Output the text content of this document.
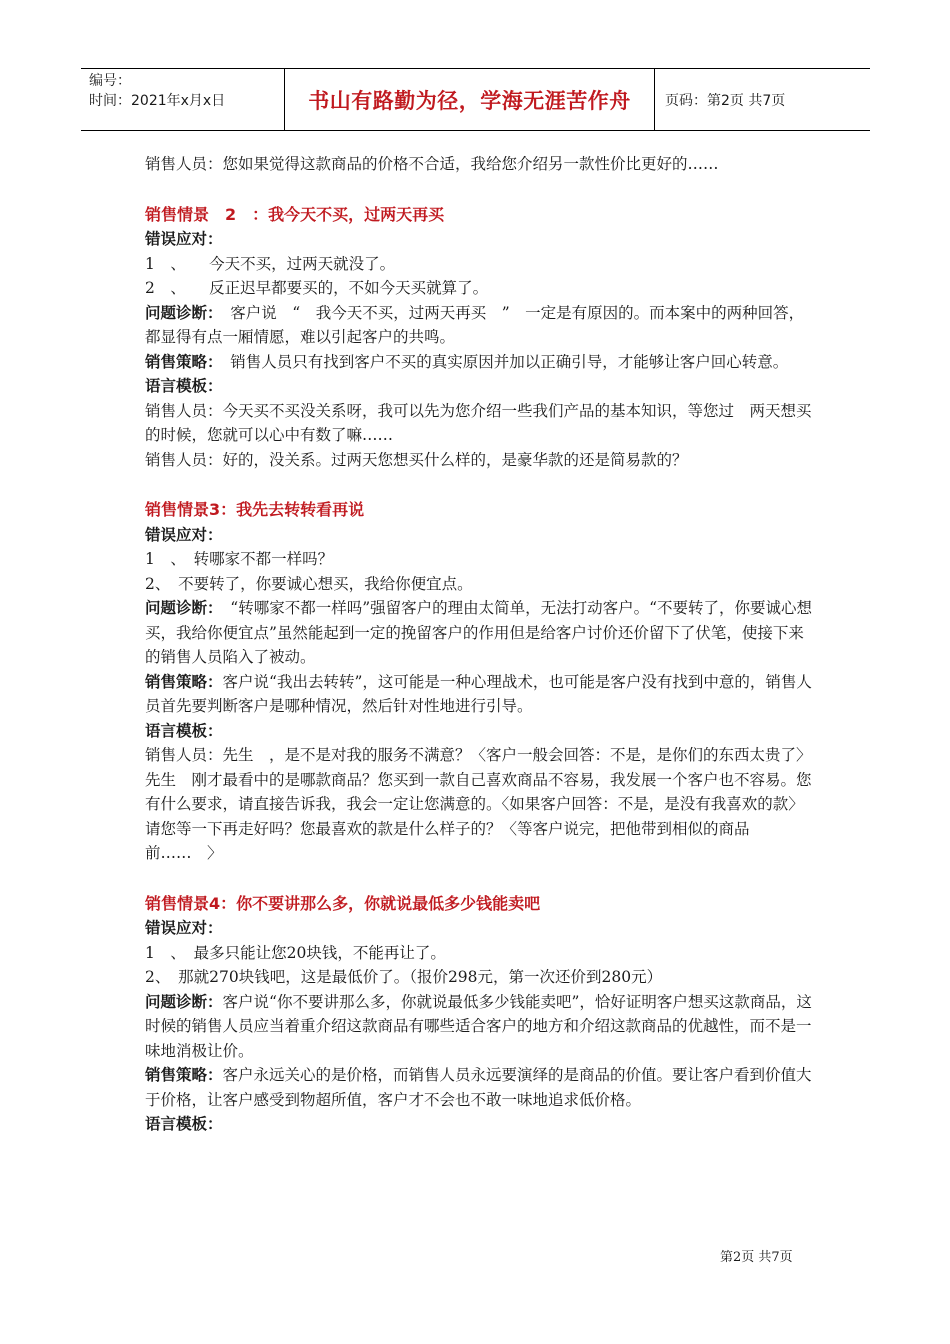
编号：
时间：2021年x月x日	书山有路勤为径，学海无涯苦作舟	页码：第2页 共7页

销售人员：您如果觉得这款商品的价格不合适，我给您介绍另一款性价比更好的……

销售情景　2　：我今天不买，过两天再买

错误应对：

1　、　　今天不买，过两天就没了。

2　、　　反正迟早都要买的，不如今天买就算了。

问题诊断：　客户说　“　我今天不买，过两天再买　”　一定是有原因的。而本案中的两种回答，都显得有点一厢情愿，难以引起客户的共鸣。

销售策略：　销售人员只有找到客户不买的真实原因并加以正确引导，才能够让客户回心转意。

语言模板：

销售人员：今天买不买没关系呀，我可以先为您介绍一些我们产品的基本知识，等您过　两天想买的时候，您就可以心中有数了嘛……

销售人员：好的，没关系。过两天您想买什么样的，是豪华款的还是简易款的？

销售情景3：我先去转转看再说

错误应对：

1　、　转哪家不都一样吗？

2、　不要转了，你要诚心想买，我给你便宜点。

问题诊断：　“转哪家不都一样吗”强留客户的理由太简单，无法打动客户。“不要转了，你要诚心想买，我给你便宜点”虽然能起到一定的挽留客户的作用但是给客户讨价还价留下了伏笔，使接下来的销售人员陷入了被动。

销售策略：客户说“我出去转转”，这可能是一种心理战术，也可能是客户没有找到中意的，销售人员首先要判断客户是哪种情况，然后针对性地进行引导。

语言模板：

销售人员：先生　，是不是对我的服务不满意？〈客户一般会回答：不是，是你们的东西太贵了〉 先生　刚才最看中的是哪款商品？您买到一款自己喜欢商品不容易，我发展一个客户也不容易。您有什么要求，请直接告诉我，我会一定让您满意的。〈如果客户回答：不是，是没有我喜欢的款〉请您等一下再走好吗？您最喜欢的款是什么样子的？〈等客户说完，把他带到相似的商品前……　〉

销售情景4：你不要讲那么多，你就说最低多少钱能卖吧

错误应对：

1　、　最多只能让您20块钱，不能再让了。

2、　那就270块钱吧，这是最低价了。（报价298元，第一次还价到280元）

问题诊断：客户说“你不要讲那么多，你就说最低多少钱能卖吧”，恰好证明客户想买这款商品，这时候的销售人员应当着重介绍这款商品有哪些适合客户的地方和介绍这款商品的优越性，而不是一味地消极让价。

销售策略：客户永远关心的是价格，而销售人员永远要演绎的是商品的价值。要让客户看到价值大于价格，让客户感受到物超所值，客户才不会也不敢一味地追求低价格。

语言模板：

第2页 共7页
